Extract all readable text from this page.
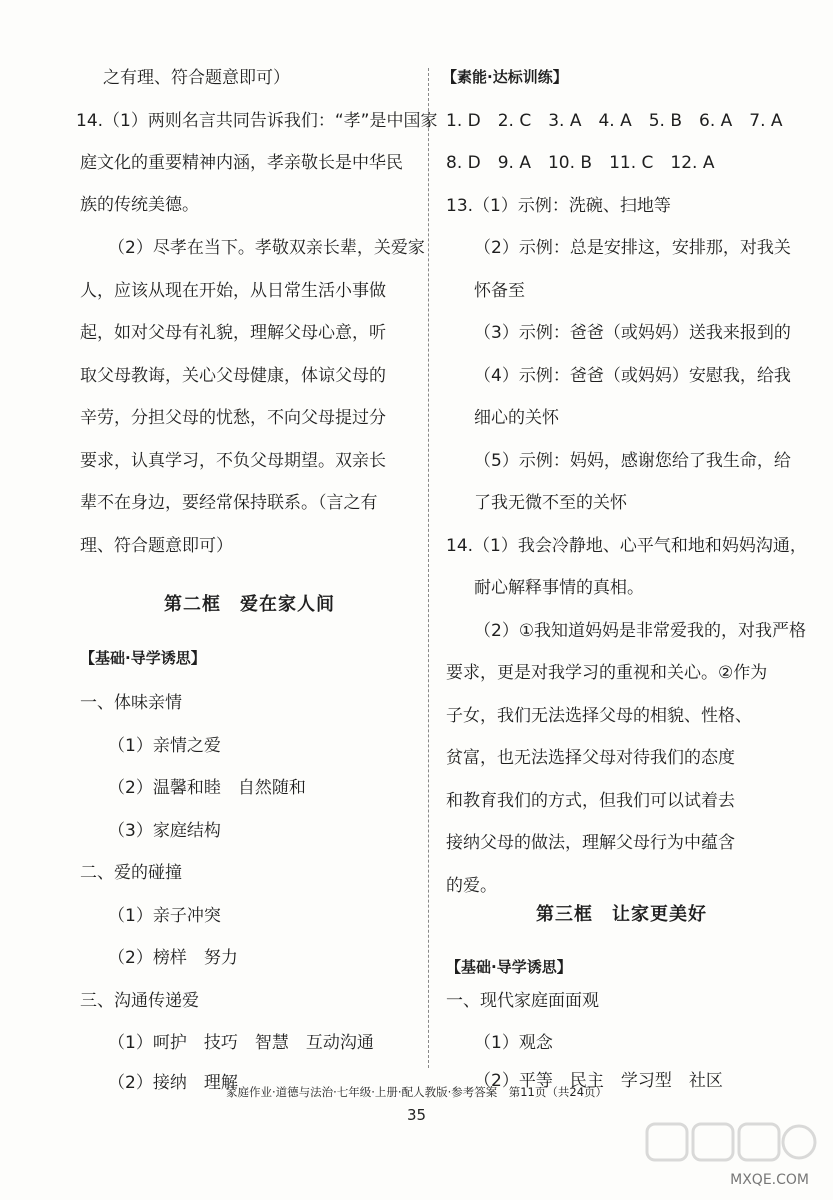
之有理、符合题意即可）
14.（1）两则名言共同告诉我们：“孝”是中国家
庭文化的重要精神内涵，孝亲敬长是中华民
族的传统美德。
（2）尽孝在当下。孝敬双亲长辈，关爱家
人，应该从现在开始，从日常生活小事做
起，如对父母有礼貌，理解父母心意，听
取父母教诲，关心父母健康，体谅父母的
辛劳，分担父母的忧愁，不向父母提过分
要求，认真学习，不负父母期望。双亲长
辈不在身边，要经常保持联系。（言之有
理、符合题意即可）
第二框　爱在家人间
【基础·导学诱思】
一、体味亲情
（1）亲情之爱
（2）温馨和睦　自然随和
（3）家庭结构
二、爱的碰撞
（1）亲子冲突
（2）榜样　努力
三、沟通传递爱
（1）呵护　技巧　智慧　互动沟通
（2）接纳　理解
【素能·达标训练】
1. D　2. C　3. A　4. A　5. B　6. A　7. A
8. D　9. A　10. B　11. C　12. A
13.（1）示例：洗碗、扫地等
（2）示例：总是安排这，安排那，对我关
怀备至
（3）示例：爸爸（或妈妈）送我来报到的
（4）示例：爸爸（或妈妈）安慰我，给我
细心的关怀
（5）示例：妈妈，感谢您给了我生命，给
了我无微不至的关怀
14.（1）我会冷静地、心平气和地和妈妈沟通，
耐心解释事情的真相。
（2）①我知道妈妈是非常爱我的，对我严格
要求，更是对我学习的重视和关心。②作为
子女，我们无法选择父母的相貌、性格、
贫富，也无法选择父母对待我们的态度
和教育我们的方式，但我们可以试着去
接纳父母的做法，理解父母行为中蕴含
的爱。
第三框　让家更美好
【基础·导学诱思】
一、现代家庭面面观
（1）观念
（2）平等　民主　学习型　社区
家庭作业·道德与法治·七年级·上册·配人教版·参考答案　第11页（共24页）
35
MXQE.COM
